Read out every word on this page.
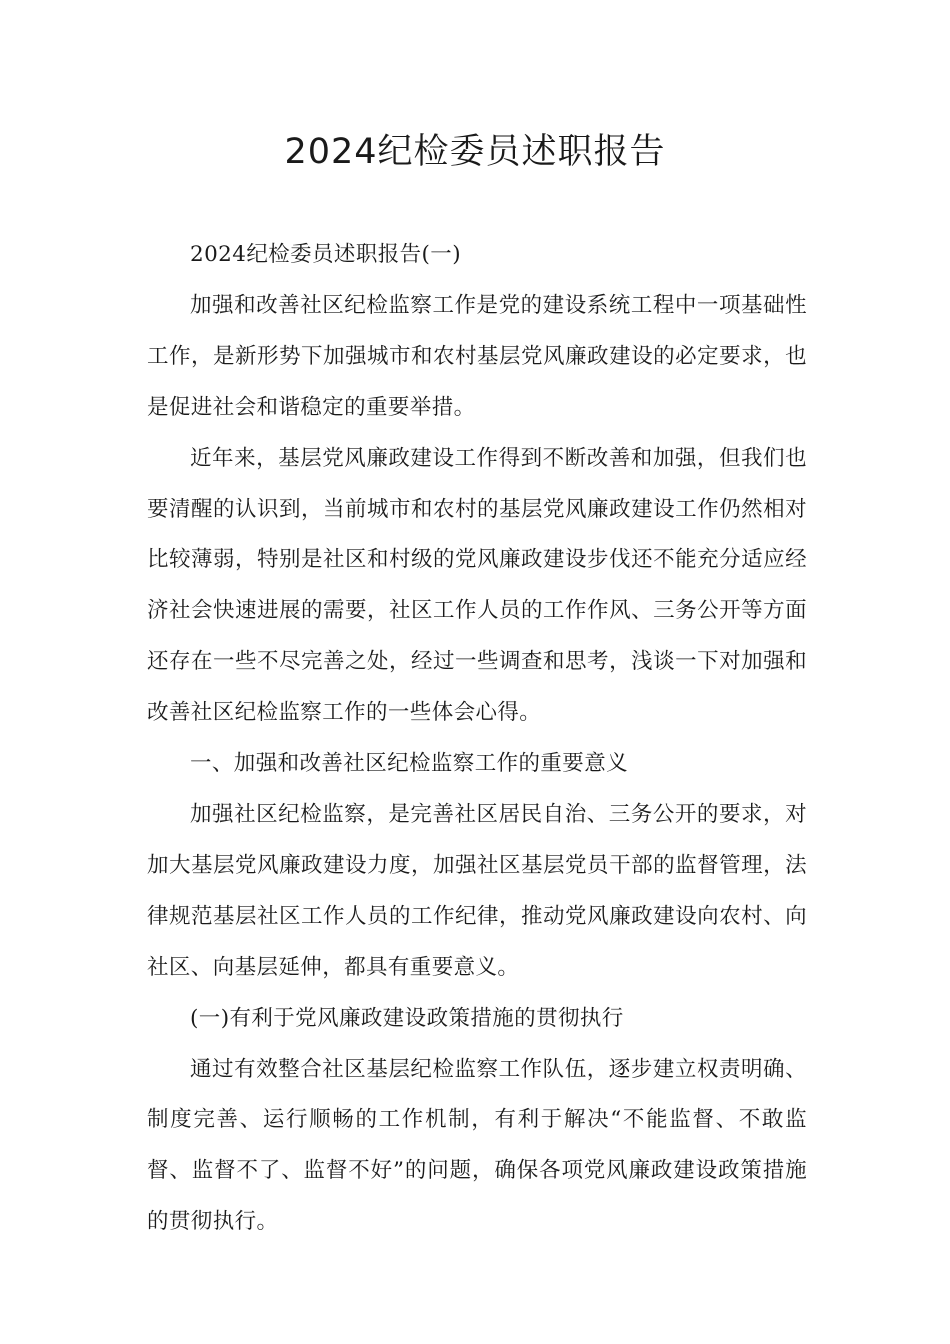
2024纪检委员述职报告

2024纪检委员述职报告(一)

加强和改善社区纪检监察工作是党的建设系统工程中一项基础性工作，是新形势下加强城市和农村基层党风廉政建设的必定要求，也是促进社会和谐稳定的重要举措。

近年来，基层党风廉政建设工作得到不断改善和加强，但我们也要清醒的认识到，当前城市和农村的基层党风廉政建设工作仍然相对比较薄弱，特别是社区和村级的党风廉政建设步伐还不能充分适应经济社会快速进展的需要，社区工作人员的工作作风、三务公开等方面还存在一些不尽完善之处，经过一些调查和思考，浅谈一下对加强和改善社区纪检监察工作的一些体会心得。

一、加强和改善社区纪检监察工作的重要意义

加强社区纪检监察，是完善社区居民自治、三务公开的要求，对加大基层党风廉政建设力度，加强社区基层党员干部的监督管理，法律规范基层社区工作人员的工作纪律，推动党风廉政建设向农村、向社区、向基层延伸，都具有重要意义。

(一)有利于党风廉政建设政策措施的贯彻执行

通过有效整合社区基层纪检监察工作队伍，逐步建立权责明确、制度完善、运行顺畅的工作机制，有利于解决“不能监督、不敢监督、监督不了、监督不好”的问题，确保各项党风廉政建设政策措施的贯彻执行。
